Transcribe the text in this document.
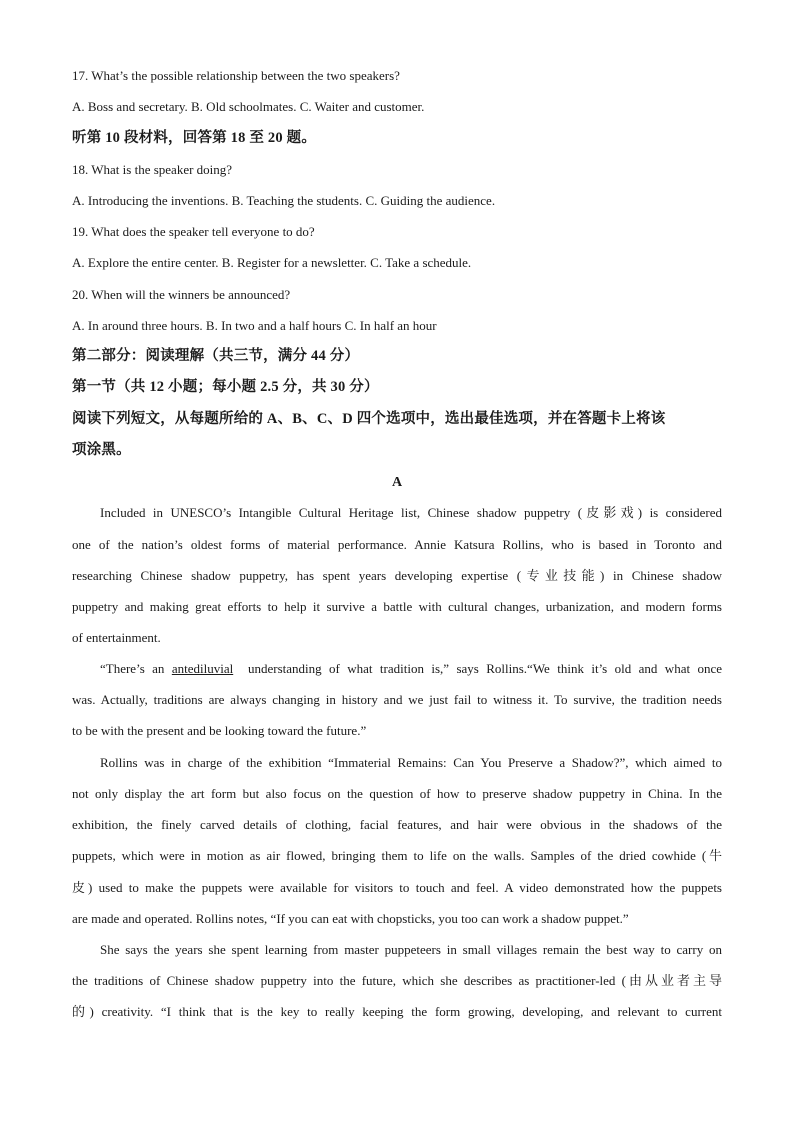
17. What’s the possible relationship between the two speakers?
A. Boss and secretary. B. Old schoolmates. C. Waiter and customer.
听第 10 段材料，回答第 18 至 20 题。
18. What is the speaker doing?
A. Introducing the inventions. B. Teaching the students. C. Guiding the audience.
19. What does the speaker tell everyone to do?
A. Explore the entire center. B. Register for a newsletter. C. Take a schedule.
20. When will the winners be announced?
A. In around three hours. B. In two and a half hours C. In half an hour
第二部分：阅读理解（共三节，满分 44 分）
第一节（共 12 小题；每小题 2.5 分，共 30 分）
阅读下列短文，从每题所给的 A、B、C、D 四个选项中，选出最佳选项，并在答题卡上将该
项涂黑。
A
Included in UNESCO’s Intangible Cultural Heritage list, Chinese shadow puppetry (皮影戏) is considered
one of the nation’s oldest forms of material performance. Annie Katsura Rollins, who is based in Toronto and
researching Chinese shadow puppetry, has spent years developing expertise (专业技能) in Chinese shadow
puppetry and making great efforts to help it survive a battle with cultural changes, urbanization, and modern forms
of entertainment.
“There’s an antediluvial understanding of what tradition is,” says Rollins.“We think it’s old and what once
was. Actually, traditions are always changing in history and we just fail to witness it. To survive, the tradition needs
to be with the present and be looking toward the future.”
Rollins was in charge of the exhibition “Immaterial Remains: Can You Preserve a Shadow?”, which aimed to
not only display the art form but also focus on the question of how to preserve shadow puppetry in China. In the
exhibition, the finely carved details of clothing, facial features, and hair were obvious in the shadows of the
puppets, which were in motion as air flowed, bringing them to life on the walls. Samples of the dried cowhide (牛
皮) used to make the puppets were available for visitors to touch and feel. A video demonstrated how the puppets
are made and operated. Rollins notes, “If you can eat with chopsticks, you too can work a shadow puppet.”
She says the years she spent learning from master puppeteers in small villages remain the best way to carry on
the traditions of Chinese shadow puppetry into the future, which she describes as practitioner-led (由从业者主导
的) creativity. “I think that is the key to really keeping the form growing, developing, and relevant to current
